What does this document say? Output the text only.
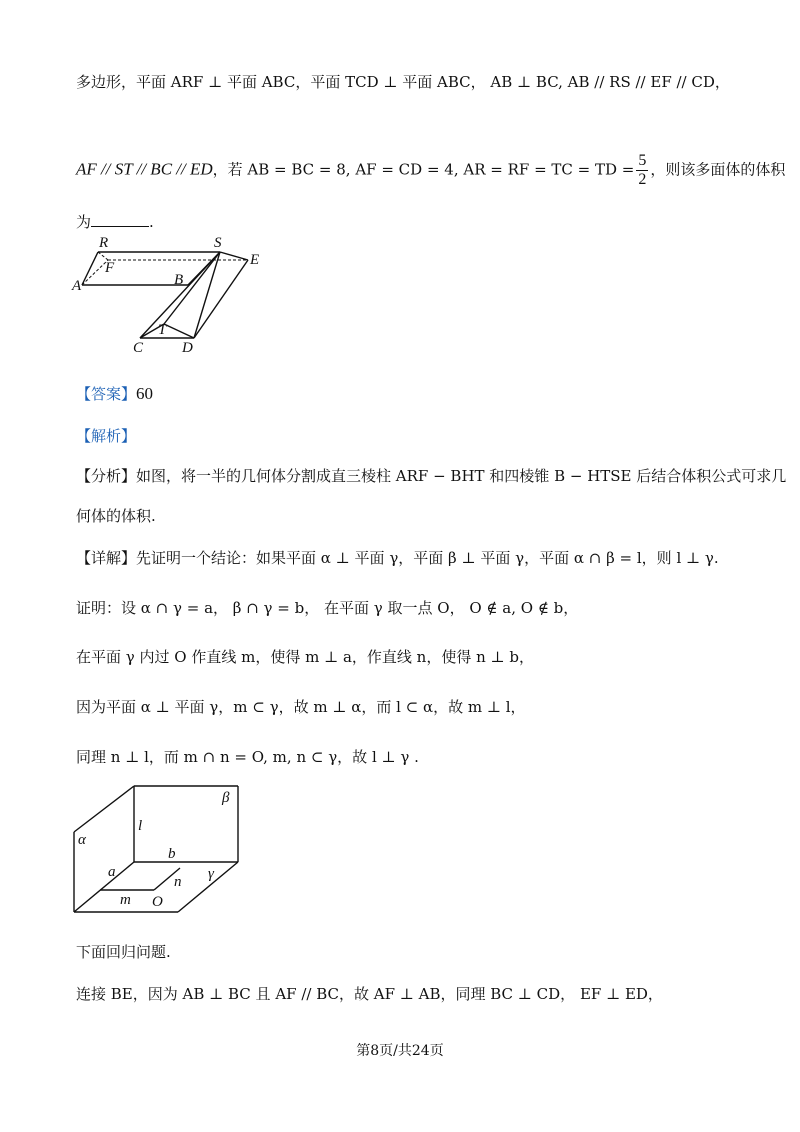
多边形，平面 ARF ⊥ 平面 ABC，平面 TCD ⊥ 平面 ABC， AB ⊥ BC, AB // RS // EF // CD，
AF // ST // BC // ED，若 AB = BC = 8, AF = CD = 4, AR = RF = TC = TD = $\frac{5}{2}$ ，则该多面体的体积
为	.
R	S
E
F
A	B
T
C	D
【答案】60
【解析】
【分析】如图，将一半的几何体分割成直三棱柱 ARF − BHT 和四棱锥 B − HTSE 后结合体积公式可求几
何体的体积.
【详解】先证明一个结论：如果平面 α ⊥ 平面 γ，平面 β ⊥ 平面 γ，平面 α ∩ β = l，则 l ⊥ γ.
证明：设 α ∩ γ = a， β ∩ γ = b， 在平面 γ 取一点 O， O ∉ a, O ∉ b，
在平面 γ 内过 O 作直线 m，使得 m ⊥ a，作直线 n，使得 n ⊥ b，
因为平面 α ⊥ 平面 γ，m ⊂ γ，故 m ⊥ α，而 l ⊂ α，故 m ⊥ l，
同理 n ⊥ l，而 m ∩ n = O, m, n ⊂ γ，故 l ⊥ γ .
β
α
l
b
a
n γ
m O
下面回归问题.
连接 BE，因为 AB ⊥ BC 且 AF // BC，故 AF ⊥ AB，同理 BC ⊥ CD， EF ⊥ ED，
第8页/共24页
